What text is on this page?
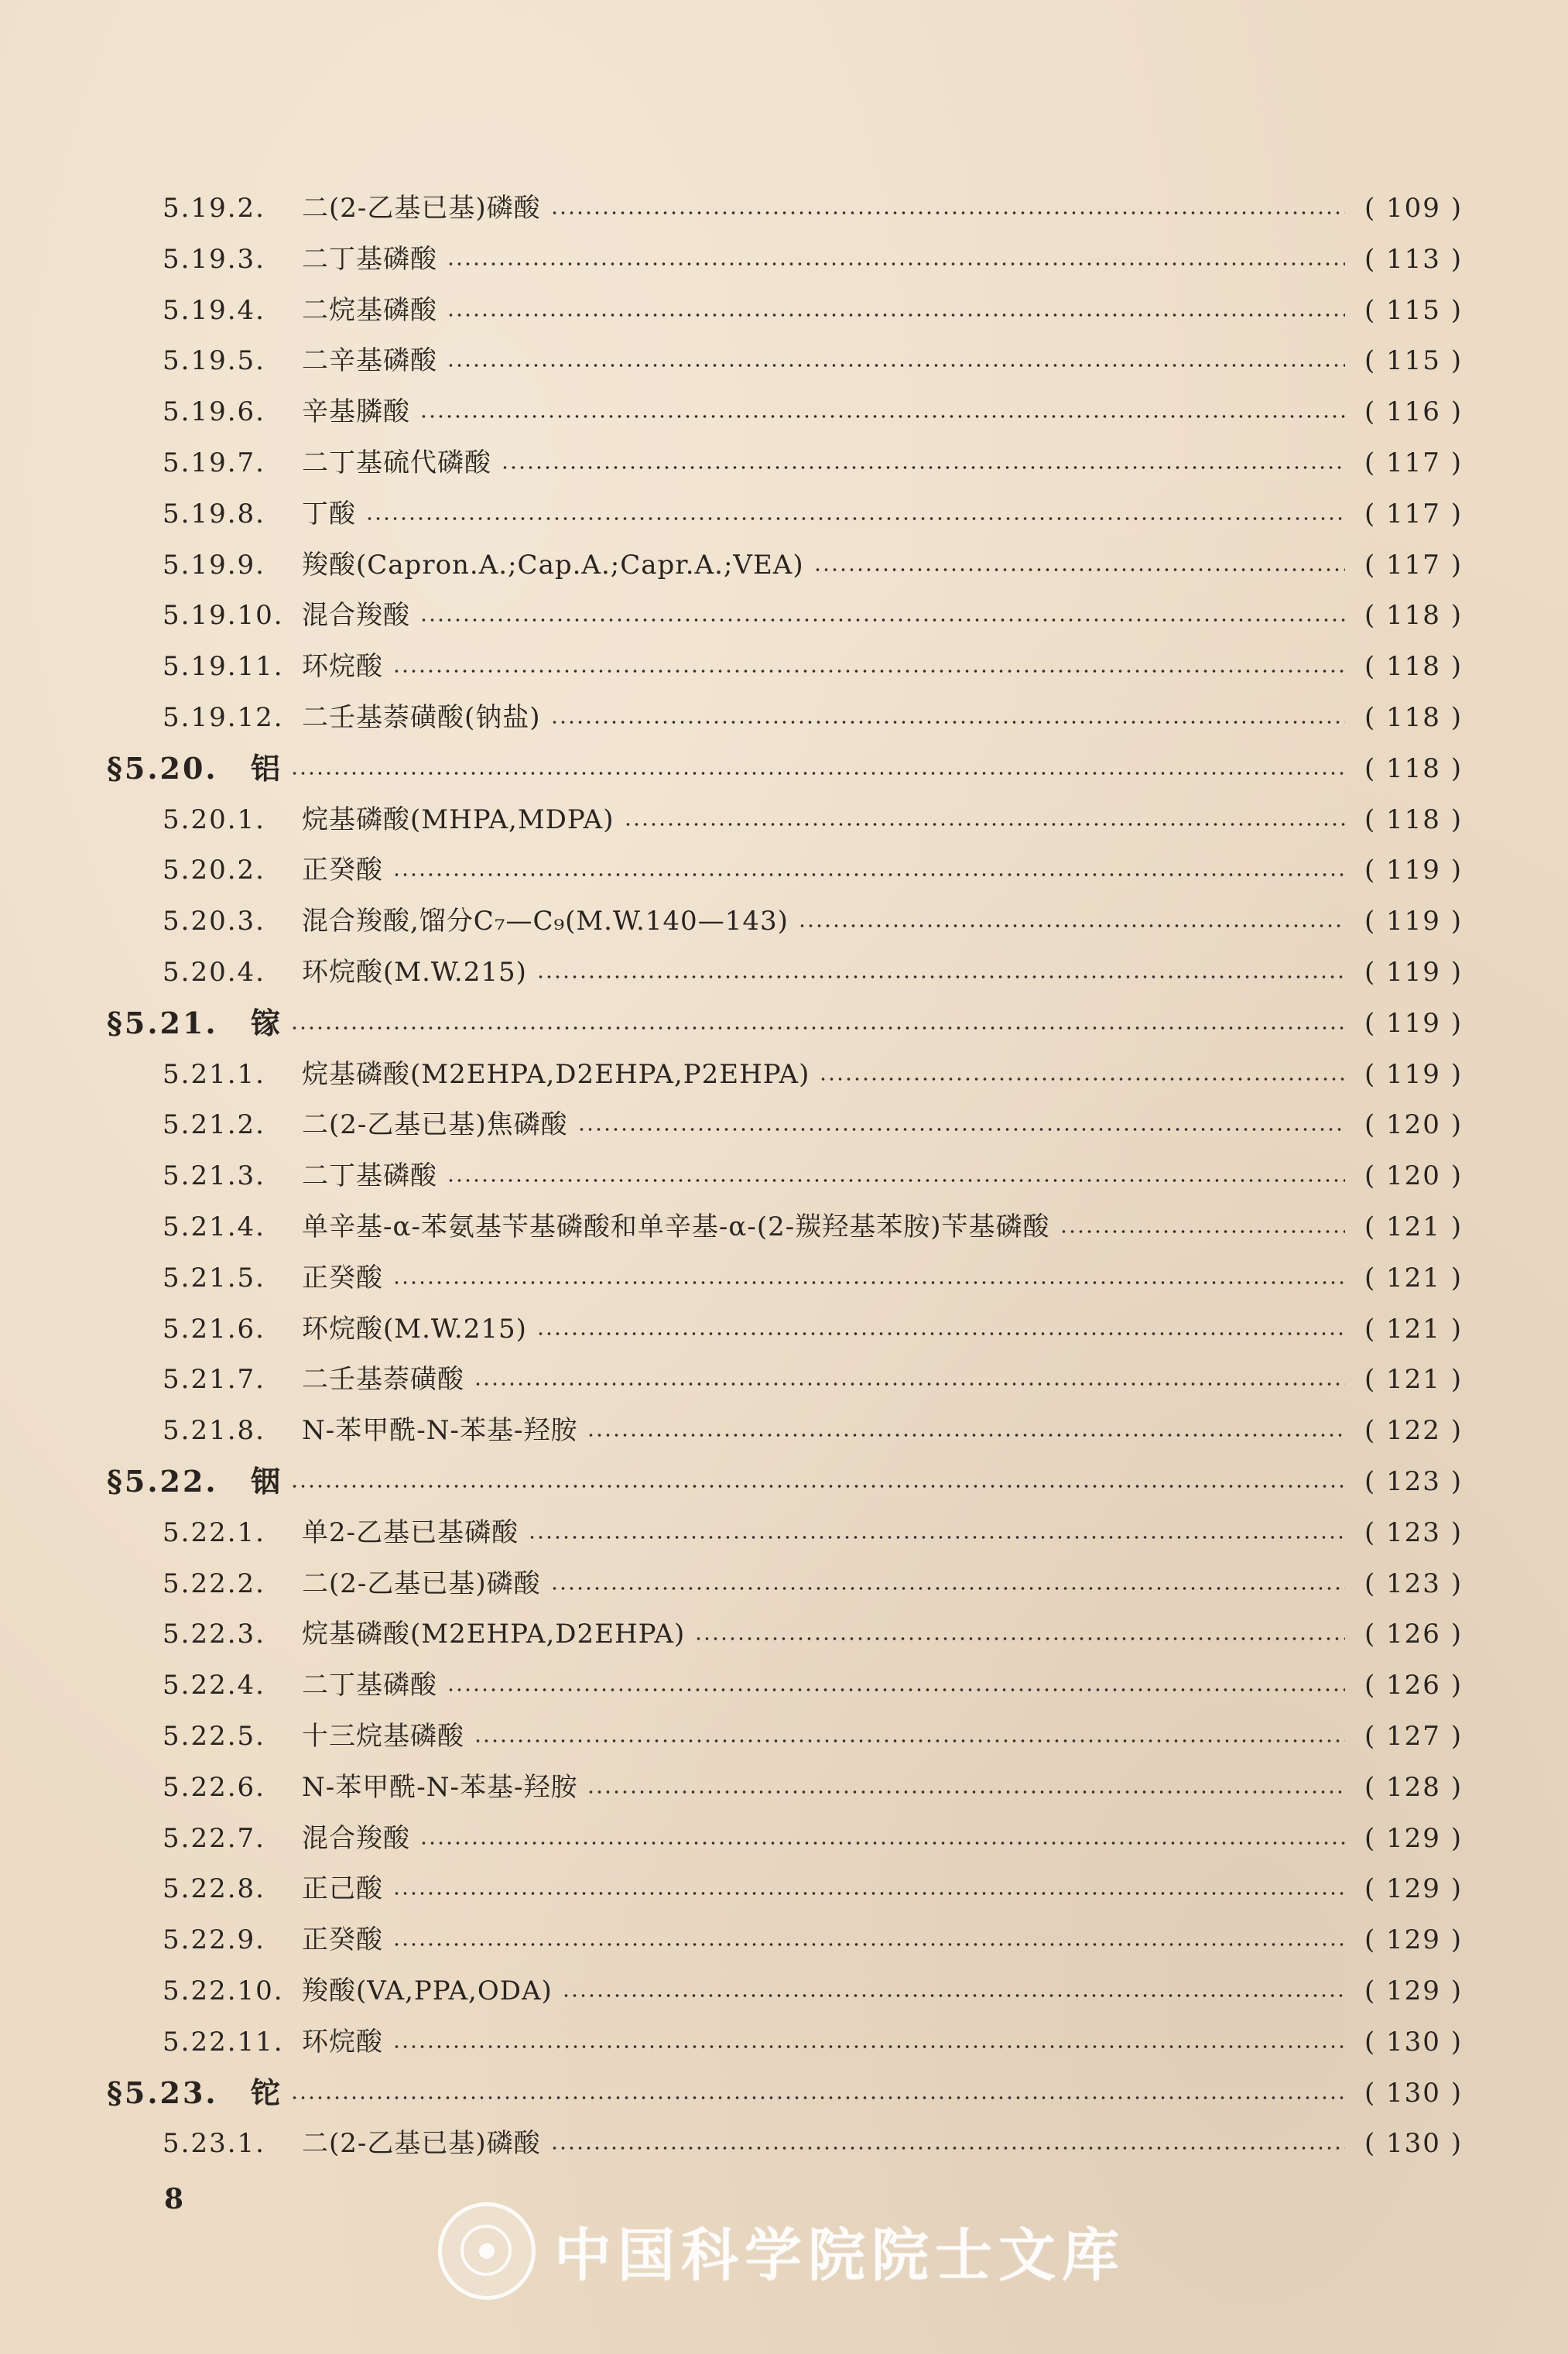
5.19.2.	二(2-乙基已基)磷酸	( 109 )
5.19.3.	二丁基磷酸	( 113 )
5.19.4.	二烷基磷酸	( 115 )
5.19.5.	二辛基磷酸	( 115 )
5.19.6.	辛基膦酸	( 116 )
5.19.7.	二丁基硫代磷酸	( 117 )
5.19.8.	丁酸	( 117 )
5.19.9.	羧酸(Capron.A.;Cap.A.;Capr.A.;VEA)	( 117 )
5.19.10. 混合羧酸	( 118 )
5.19.11. 环烷酸	( 118 )
5.19.12. 二壬基萘磺酸(钠盐)	( 118 )
§5.20.	铝	( 118 )
5.20.1.	烷基磷酸(MHPA,MDPA)	( 118 )
5.20.2.	正癸酸	( 119 )
5.20.3.	混合羧酸,馏分C₇—C₉(M.W.140—143)	( 119 )
5.20.4.	环烷酸(M.W.215)	( 119 )
§5.21.	镓	( 119 )
5.21.1.	烷基磷酸(M2EHPA,D2EHPA,P2EHPA)	( 119 )
5.21.2.	二(2-乙基已基)焦磷酸	( 120 )
5.21.3.	二丁基磷酸	( 120 )
5.21.4.	单辛基-α-苯氨基苄基磷酸和单辛基-α-(2-羰羟基苯胺)苄基磷酸	( 121 )
5.21.5.	正癸酸	( 121 )
5.21.6.	环烷酸(M.W.215)	( 121 )
5.21.7.	二壬基萘磺酸	( 121 )
5.21.8.	N-苯甲酰-N-苯基-羟胺	( 122 )
§5.22.	铟	( 123 )
5.22.1.	单2-乙基已基磷酸	( 123 )
5.22.2.	二(2-乙基已基)磷酸	( 123 )
5.22.3.	烷基磷酸(M2EHPA,D2EHPA)	( 126 )
5.22.4.	二丁基磷酸	( 126 )
5.22.5.	十三烷基磷酸	( 127 )
5.22.6.	N-苯甲酰-N-苯基-羟胺	( 128 )
5.22.7.	混合羧酸	( 129 )
5.22.8.	正己酸	( 129 )
5.22.9.	正癸酸	( 129 )
5.22.10. 羧酸(VA,PPA,ODA)	( 129 )
5.22.11. 环烷酸	( 130 )
§5.23.	铊	( 130 )
5.23.1.	二(2-乙基已基)磷酸	( 130 )
8
中国科学院院士文库
